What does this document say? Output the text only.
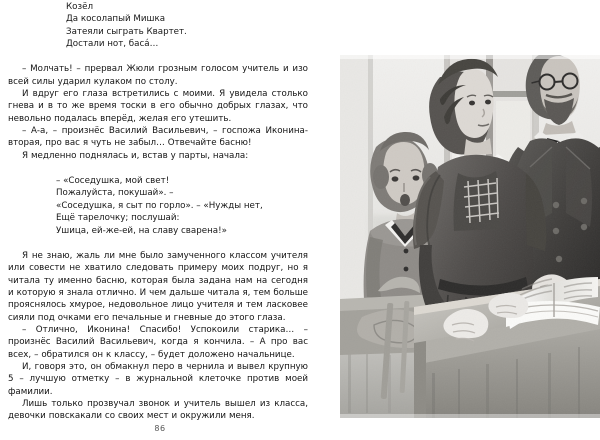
Козёл
Да косолапый Мишка
Затеяли сыграть Квартет.
Достали нот, басá…

– Молчать! – прервал Жюли грозным голосом учитель и изо всей силы ударил кулаком по столу.

И вдруг его глаза встретились с моими. Я увидела столько гнева и в то же время тоски в его обычно добрых глазах, что невольно подалась вперёд, желая его утешить.

– А-а, – произнёс Василий Васильевич, – госпожа Иконина-вторая, про вас я чуть не забыл… Отвечайте басню!

Я медленно поднялась и, встав у парты, начала:

– «Соседушка, мой свет!
Пожалуйста, покушай». –
«Соседушка, я сыт по горло». – «Нужды нет,
Ещё тарелочку; послушай:
Ушица, ей-же-ей, на славу сварена!»

Я не знаю, жаль ли мне было замученного классом учителя или совести не хватило следовать примеру моих подруг, но я читала ту именно басню, которая была задана нам на сегодня и которую я знала отлично. И чем дальше читала я, тем больше прояснялось хмурое, недовольное лицо учителя и тем ласковее сияли под очками его печальные и гневные до этого глаза.

– Отлично, Иконина! Спасибо! Успокоили старика… – произнёс Василий Васильевич, когда я кончила. – А про вас всех, – обратился он к классу, – будет доложено начальнице.

И, говоря это, он обмакнул перо в чернила и вывел крупную 5 – лучшую отметку – в журнальной клеточке против моей фамилии.

Лишь только прозвучал звонок и учитель вышел из класса, девочки повскакали со своих мест и окружили меня.

86
